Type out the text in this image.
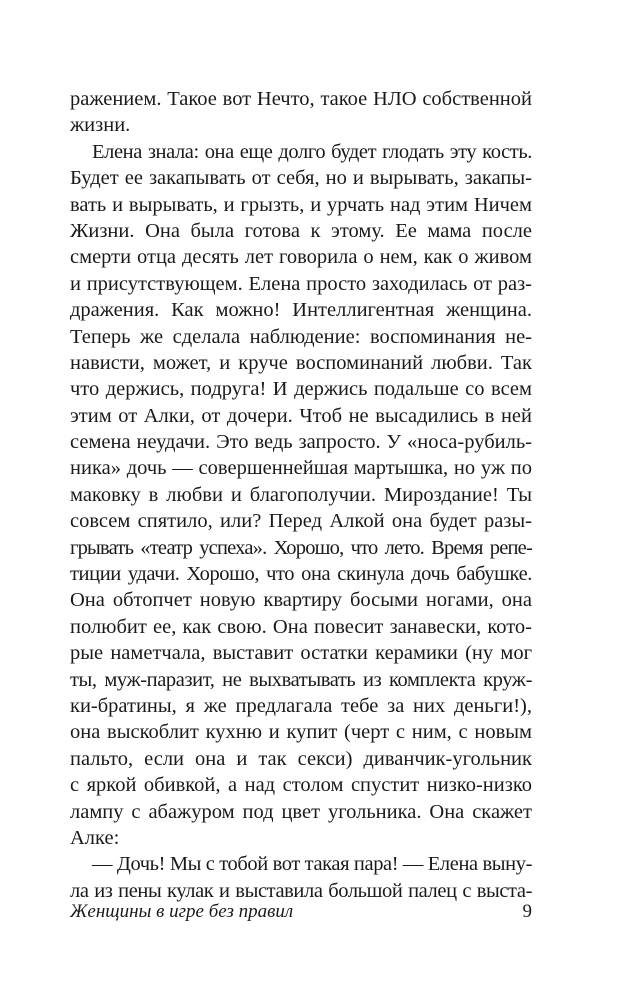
ражением. Такое вот Нечто, такое НЛО собственной
жизни.
Елена знала: она еще долго будет глодать эту кость.
Будет ее закапывать от себя, но и вырывать, закапы-
вать и вырывать, и грызть, и урчать над этим Ничем
Жизни. Она была готова к этому. Ее мама после
смерти отца десять лет говорила о нем, как о живом
и присутствующем. Елена просто заходилась от раз-
дражения. Как можно! Интеллигентная женщина.
Теперь же сделала наблюдение: воспоминания не-
нависти, может, и круче воспоминаний любви. Так
что держись, подруга! И держись подальше со всем
этим от Алки, от дочери. Чтоб не высадились в ней
семена неудачи. Это ведь запросто. У «носа-рубиль-
ника» дочь — совершеннейшая мартышка, но уж по
маковку в любви и благополучии. Мироздание! Ты
совсем спятило, или? Перед Алкой она будет разы-
грывать «театр успеха». Хорошо, что лето. Время репе-
тиции удачи. Хорошо, что она скинула дочь бабушке.
Она обтопчет новую квартиру босыми ногами, она
полюбит ее, как свою. Она повесит занавески, кото-
рые наметчала, выставит остатки керамики (ну мог
ты, муж-паразит, не выхватывать из комплекта круж-
ки-братины, я же предлагала тебе за них деньги!),
она выскоблит кухню и купит (черт с ним, с новым
пальто, если она и так секси) диванчик-угольник
с яркой обивкой, а над столом спустит низко-низко
лампу с абажуром под цвет угольника. Она скажет
Алке:
— Дочь! Мы с тобой вот такая пара! — Елена выну-
ла из пены кулак и выставила большой палец с выста-
Женщины в игре без правил	9
